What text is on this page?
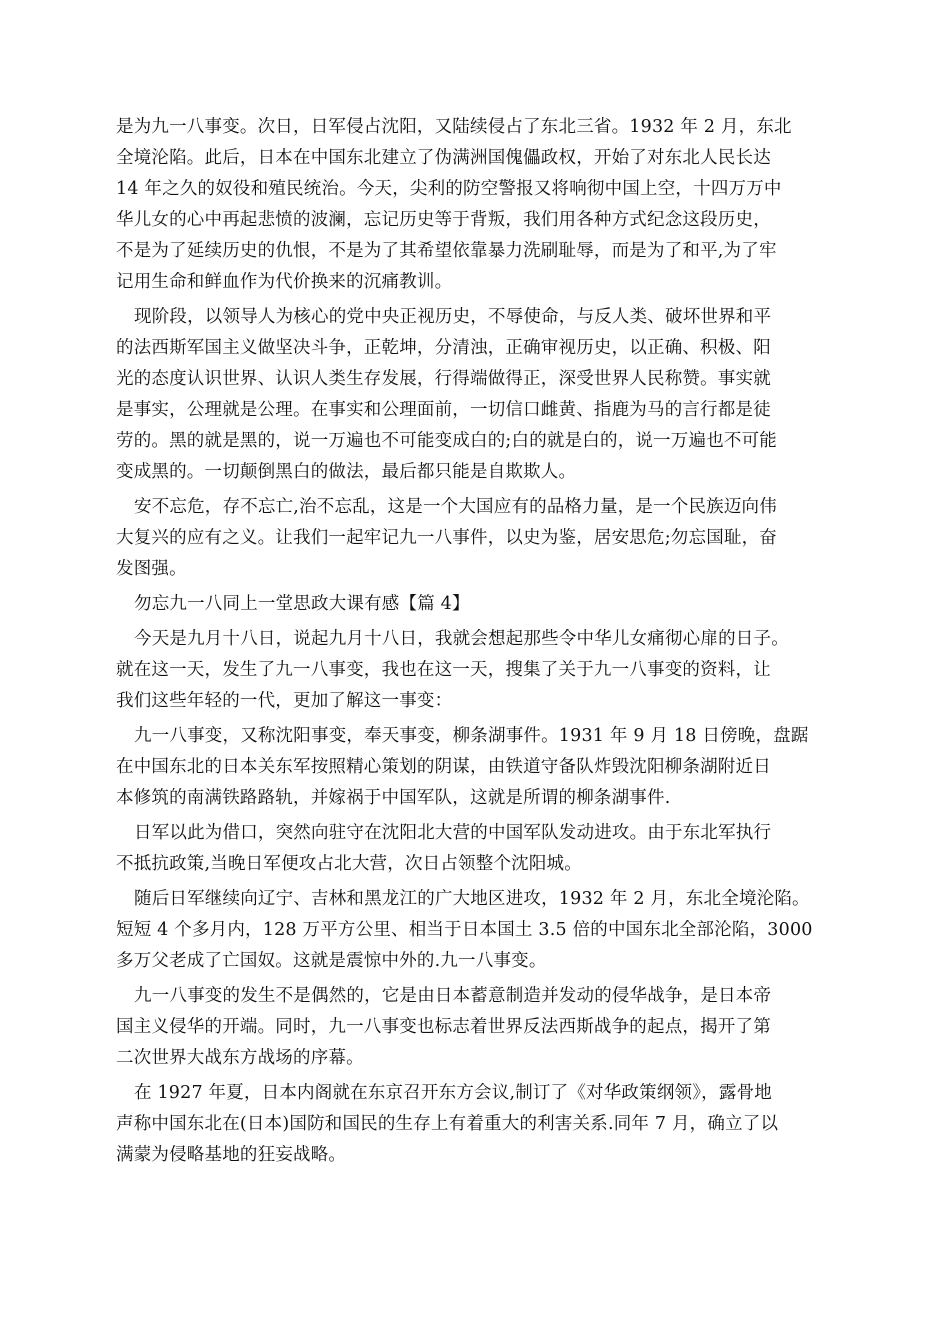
是为九一八事变。次日，日军侵占沈阳，又陆续侵占了东北三省。1932 年 2 月，东北
全境沦陷。此后，日本在中国东北建立了伪满洲国傀儡政权，开始了对东北人民长达
14 年之久的奴役和殖民统治。今天，尖利的防空警报又将响彻中国上空，十四万万中
华儿女的心中再起悲愤的波澜，忘记历史等于背叛，我们用各种方式纪念这段历史，
不是为了延续历史的仇恨，不是为了其希望依靠暴力洗刷耻辱，而是为了和平,为了牢
记用生命和鲜血作为代价换来的沉痛教训。
现阶段，以领导人为核心的党中央正视历史，不辱使命，与反人类、破坏世界和平
的法西斯军国主义做坚决斗争，正乾坤，分清浊，正确审视历史，以正确、积极、阳
光的态度认识世界、认识人类生存发展，行得端做得正，深受世界人民称赞。事实就
是事实，公理就是公理。在事实和公理面前，一切信口雌黄、指鹿为马的言行都是徒
劳的。黑的就是黑的，说一万遍也不可能变成白的;白的就是白的，说一万遍也不可能
变成黑的。一切颠倒黑白的做法，最后都只能是自欺欺人。
安不忘危，存不忘亡,治不忘乱，这是一个大国应有的品格力量，是一个民族迈向伟
大复兴的应有之义。让我们一起牢记九一八事件，以史为鉴，居安思危;勿忘国耻，奋
发图强。
勿忘九一八同上一堂思政大课有感【篇 4】
今天是九月十八日，说起九月十八日，我就会想起那些令中华儿女痛彻心扉的日子。
就在这一天，发生了九一八事变，我也在这一天，搜集了关于九一八事变的资料，让
我们这些年轻的一代，更加了解这一事变：
九一八事变，又称沈阳事变，奉天事变，柳条湖事件。1931 年 9 月 18 日傍晚，盘踞
在中国东北的日本关东军按照精心策划的阴谋，由铁道守备队炸毁沈阳柳条湖附近日
本修筑的南满铁路路轨，并嫁祸于中国军队，这就是所谓的柳条湖事件.
日军以此为借口，突然向驻守在沈阳北大营的中国军队发动进攻。由于东北军执行
不抵抗政策,当晚日军便攻占北大营，次日占领整个沈阳城。
随后日军继续向辽宁、吉林和黑龙江的广大地区进攻，1932 年 2 月，东北全境沦陷。
短短 4 个多月内，128 万平方公里、相当于日本国土 3.5 倍的中国东北全部沦陷，3000
多万父老成了亡国奴。这就是震惊中外的.九一八事变。
九一八事变的发生不是偶然的，它是由日本蓄意制造并发动的侵华战争，是日本帝
国主义侵华的开端。同时，九一八事变也标志着世界反法西斯战争的起点，揭开了第
二次世界大战东方战场的序幕。
在 1927 年夏，日本内阁就在东京召开东方会议,制订了《对华政策纲领》，露骨地
声称中国东北在(日本)国防和国民的生存上有着重大的利害关系.同年 7 月，确立了以
满蒙为侵略基地的狂妄战略。
